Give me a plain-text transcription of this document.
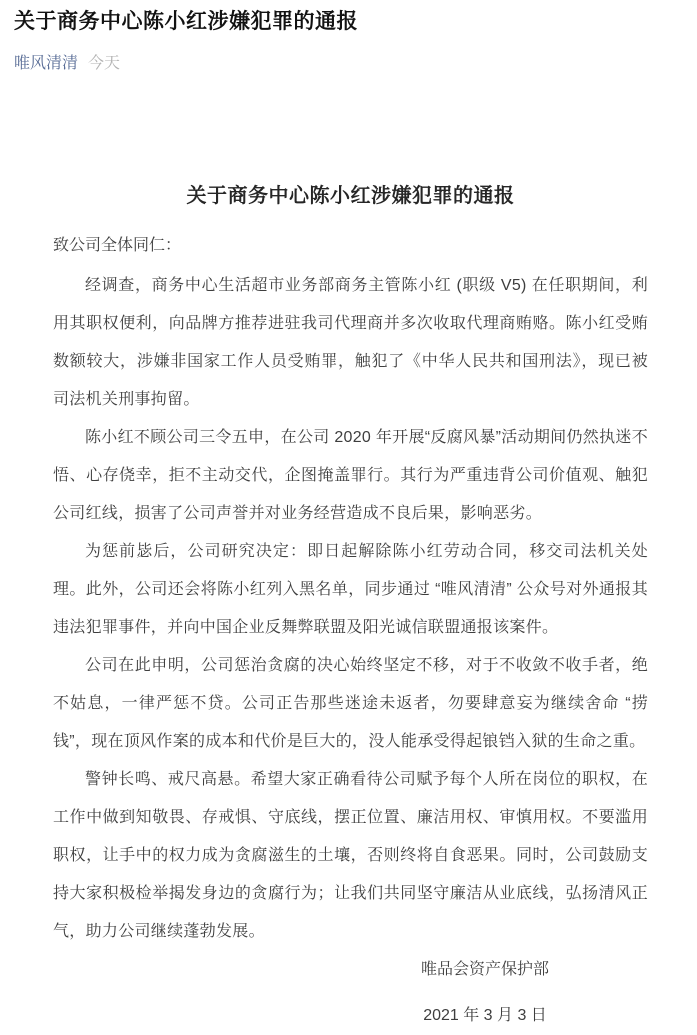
关于商务中心陈小红涉嫌犯罪的通报
唯风清清 今天
关于商务中心陈小红涉嫌犯罪的通报

致公司全体同仁：

经调查，商务中心生活超市业务部商务主管陈小红 (职级 V5) 在任职期间，利用其职权便利，向品牌方推荐进驻我司代理商并多次收取代理商贿赂。陈小红受贿数额较大，涉嫌非国家工作人员受贿罪，触犯了《中华人民共和国刑法》，现已被司法机关刑事拘留。

陈小红不顾公司三令五申，在公司 2020 年开展“反腐风暴”活动期间仍然执迷不悟、心存侥幸，拒不主动交代，企图掩盖罪行。其行为严重违背公司价值观、触犯公司红线，损害了公司声誉并对业务经营造成不良后果，影响恶劣。

为惩前毖后，公司研究决定：即日起解除陈小红劳动合同，移交司法机关处理。此外，公司还会将陈小红列入黑名单，同步通过 “唯风清清” 公众号对外通报其违法犯罪事件，并向中国企业反舞弊联盟及阳光诚信联盟通报该案件。

公司在此申明，公司惩治贪腐的决心始终坚定不移，对于不收敛不收手者，绝不姑息，一律严惩不贷。公司正告那些迷途未返者，勿要肆意妄为继续舍命 “捞钱”，现在顶风作案的成本和代价是巨大的，没人能承受得起锒铛入狱的生命之重。

警钟长鸣、戒尺高悬。希望大家正确看待公司赋予每个人所在岗位的职权，在工作中做到知敬畏、存戒惧、守底线，摆正位置、廉洁用权、审慎用权。不要滥用职权，让手中的权力成为贪腐滋生的土壤，否则终将自食恶果。同时，公司鼓励支持大家积极检举揭发身边的贪腐行为；让我们共同坚守廉洁从业底线，弘扬清风正气，助力公司继续蓬勃发展。

唯品会资产保护部
2021 年 3 月 3 日
